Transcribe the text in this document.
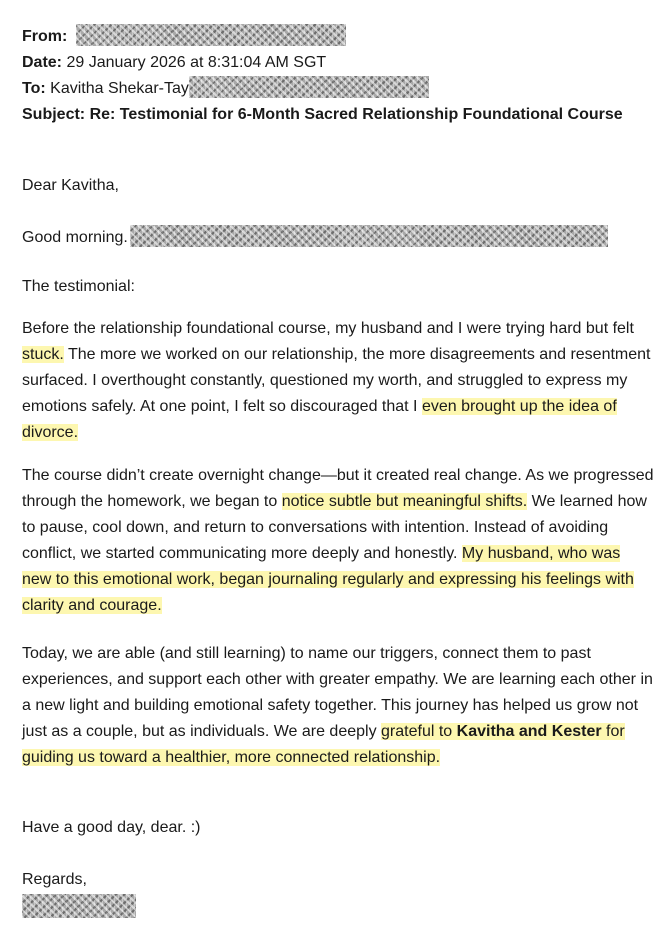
From:
Date: 29 January 2026 at 8:31:04 AM SGT
To: Kavitha Shekar-Tay
Subject: Re: Testimonial for 6-Month Sacred Relationship Foundational Course
Dear Kavitha,
Good morning.
The testimonial:
Before the relationship foundational course, my husband and I were trying hard but felt stuck. The more we worked on our relationship, the more disagreements and resentment surfaced. I overthought constantly, questioned my worth, and struggled to express my emotions safely. At one point, I felt so discouraged that I even brought up the idea of divorce.
The course didn’t create overnight change—but it created real change. As we progressed through the homework, we began to notice subtle but meaningful shifts. We learned how to pause, cool down, and return to conversations with intention. Instead of avoiding conflict, we started communicating more deeply and honestly. My husband, who was new to this emotional work, began journaling regularly and expressing his feelings with clarity and courage.
Today, we are able (and still learning) to name our triggers, connect them to past experiences, and support each other with greater empathy. We are learning each other in a new light and building emotional safety together. This journey has helped us grow not just as a couple, but as individuals. We are deeply grateful to Kavitha and Kester for guiding us toward a healthier, more connected relationship.
Have a good day, dear. :)
Regards,
